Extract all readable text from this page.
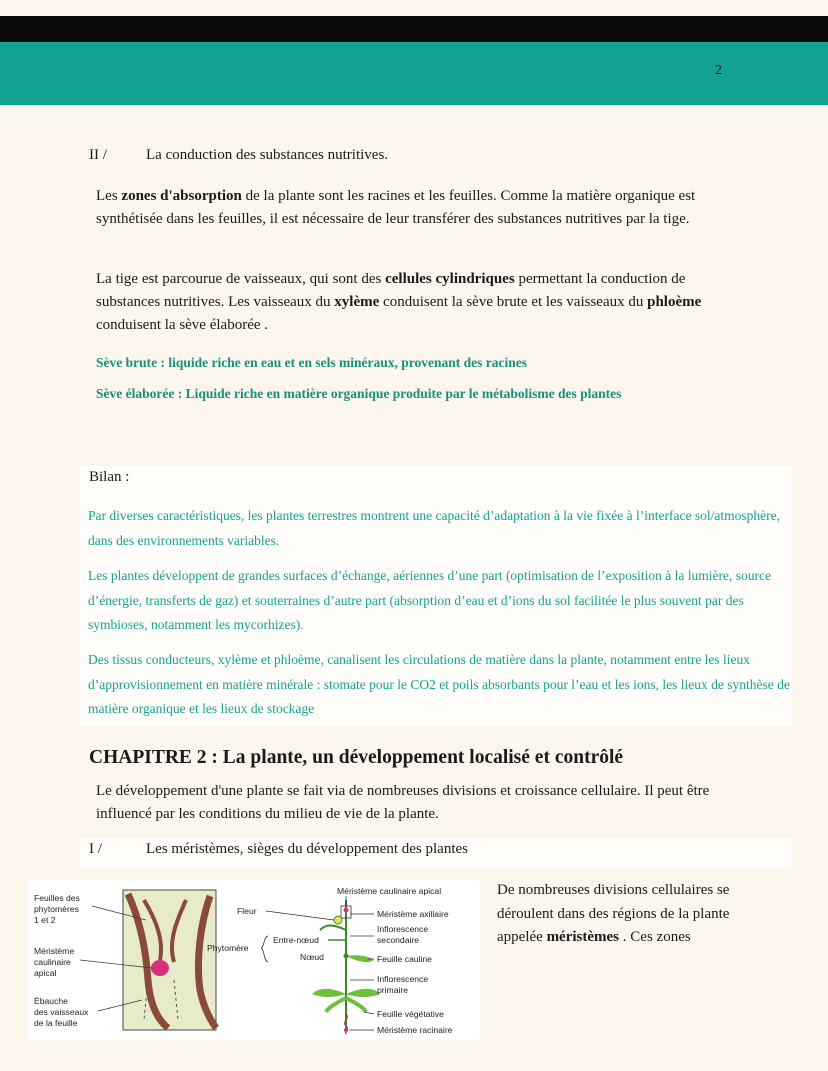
2
II /	La conduction des substances nutritives.

Les zones d'absorption de la plante sont les racines et les feuilles. Comme la matière organique est synthétisée dans les feuilles, il est nécessaire de leur transférer des substances nutritives par la tige.

La tige est parcourue de vaisseaux, qui sont des cellules cylindriques permettant la conduction de substances nutritives. Les vaisseaux du xylème conduisent la sève brute et les vaisseaux du phloème conduisent la sève élaborée .

Sève brute : liquide riche en eau et en sels minéraux, provenant des racines

Sève élaborée : Liquide riche en matière organique produite par le métabolisme des plantes

Bilan :

Par diverses caractéristiques, les plantes terrestres montrent une capacité d’adaptation à la vie fixée à l’interface sol/atmosphère, dans des environnements variables.

Les plantes développent de grandes surfaces d’échange, aériennes d’une part (optimisation de l’exposition à la lumière, source d’énergie, transferts de gaz) et souterraines d’autre part (absorption d’eau et d’ions du sol facilitée le plus souvent par des symbioses, notamment les mycorhizes).

Des tissus conducteurs, xylème et phloème, canalisent les circulations de matière dans la plante, notamment entre les lieux d’approvisionnement en matière minérale : stomate pour le CO2 et poils absorbants pour l’eau et les ions, les lieux de synthèse de matière organique et les lieux de stockage

CHAPITRE 2 : La plante, un développement localisé et contrôlé

Le développement d'une plante se fait via de nombreuses divisions et croissance cellulaire. Il peut être influencé par les conditions du milieu de vie de la plante.

I /	Les méristèmes, sièges du développement des plantes
Feuilles des
phytomères
1 et 2
Méristème
caulinaire
apical
Ébauche
des vaisseaux
de la feuille
Méristème caulinaire apical
Fleur
Phytomère
Entre-nœud
Nœud
Méristème axillaire
Inflorescence
secondaire
Feuille cauline
Inflorescence
primaire
Feuille végétative
Méristème racinaire

De nombreuses divisions cellulaires se déroulent dans des régions de la plante appelée méristèmes . Ces zones
